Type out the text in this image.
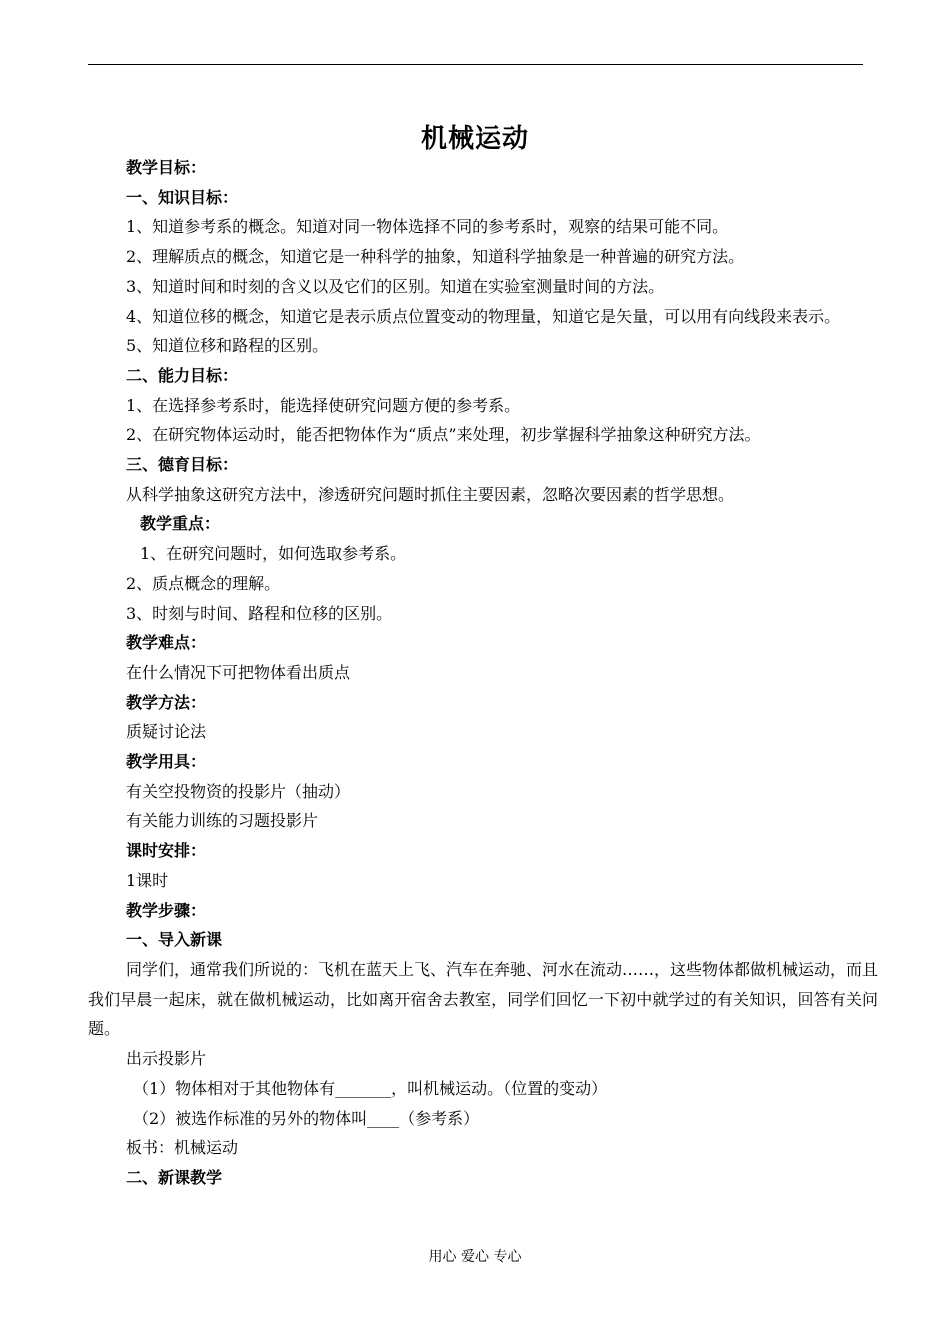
机械运动
教学目标：
一、知识目标：
1、知道参考系的概念。知道对同一物体选择不同的参考系时，观察的结果可能不同。
2、理解质点的概念，知道它是一种科学的抽象，知道科学抽象是一种普遍的研究方法。
3、知道时间和时刻的含义以及它们的区别。知道在实验室测量时间的方法。
4、知道位移的概念，知道它是表示质点位置变动的物理量，知道它是矢量，可以用有向线段来表示。
5、知道位移和路程的区别。
二、能力目标：
1、在选择参考系时，能选择使研究问题方便的参考系。
2、在研究物体运动时，能否把物体作为“质点”来处理，初步掌握科学抽象这种研究方法。
三、德育目标：
从科学抽象这研究方法中，渗透研究问题时抓住主要因素，忽略次要因素的哲学思想。
教学重点：
1、在研究问题时，如何选取参考系。
2、质点概念的理解。
3、时刻与时间、路程和位移的区别。
教学难点：
在什么情况下可把物体看出质点
教学方法：
质疑讨论法
教学用具：
有关空投物资的投影片（抽动）
有关能力训练的习题投影片
课时安排：
1课时
教学步骤：
一、导入新课
同学们，通常我们所说的：飞机在蓝天上飞、汽车在奔驰、河水在流动……，这些物体都做机械运动，而且我们早晨一起床，就在做机械运动，比如离开宿舍去教室，同学们回忆一下初中就学过的有关知识，回答有关问题。
出示投影片
（1）物体相对于其他物体有_______，叫机械运动。（位置的变动）
（2）被选作标准的另外的物体叫____（参考系）
板书：机械运动
二、新课教学
用心 爱心 专心
